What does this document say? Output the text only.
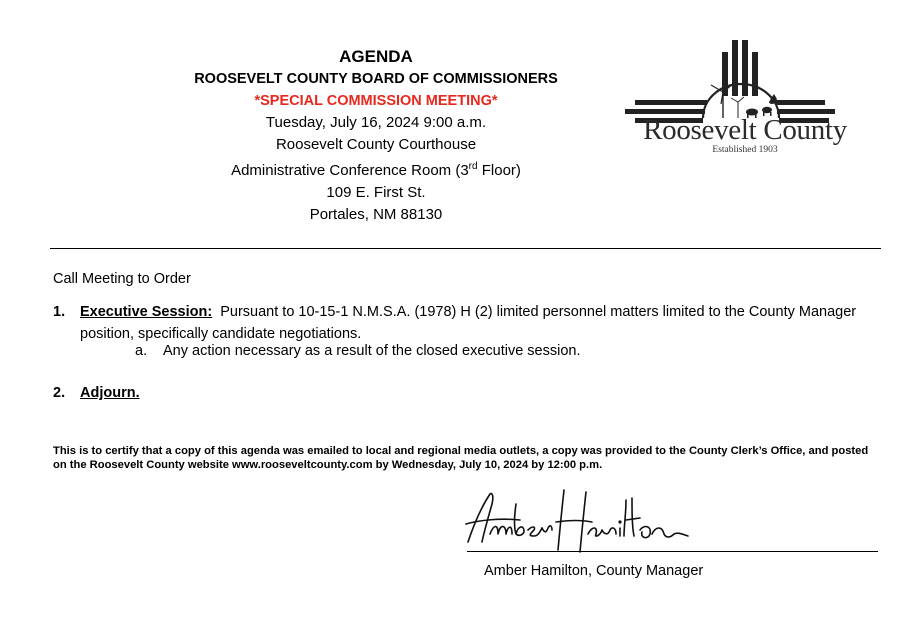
AGENDA
ROOSEVELT COUNTY BOARD OF COMMISSIONERS
*SPECIAL COMMISSION MEETING*
Tuesday, July 16, 2024 9:00 a.m.
Roosevelt County Courthouse
Administrative Conference Room (3rd Floor)
109 E. First St.
Portales, NM 88130
Roosevelt County
Established 1903
Call Meeting to Order
1. Executive Session:  Pursuant to 10-15-1 N.M.S.A. (1978) H (2) limited personnel matters limited to the County Manager position, specifically candidate negotiations.
a. Any action necessary as a result of the closed executive session.
2. Adjourn.
This is to certify that a copy of this agenda was emailed to local and regional media outlets, a copy was provided to the County Clerk’s Office, and posted on the Roosevelt County website www.rooseveltcounty.com by Wednesday, July 10, 2024 by 12:00 p.m.
Amber Hamilton, County Manager
